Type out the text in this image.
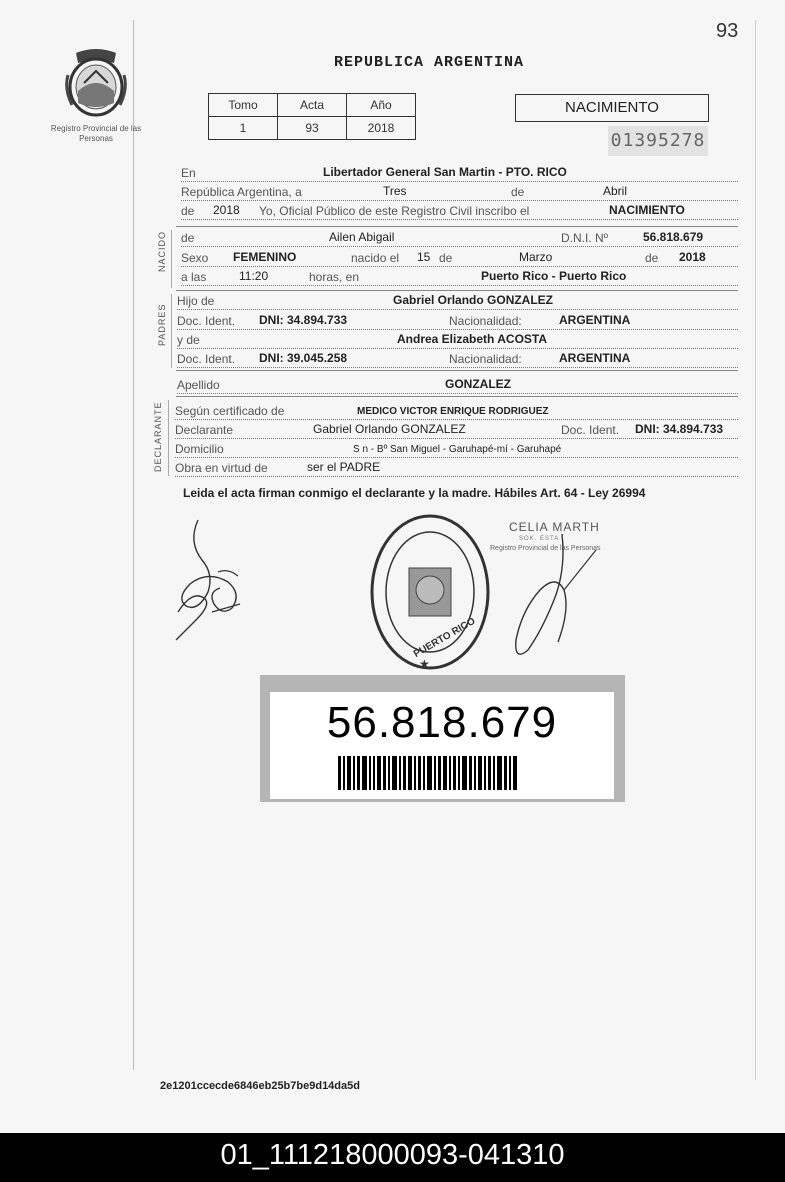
93
Registro Provincial de las Personas
REPUBLICA ARGENTINA
Tomo	Acta	Año
1	93	2018
NACIMIENTO
01395278
En	Libertador General San Martin - PTO. RICO
República Argentina, a	Tres	de	Abril
de 2018 Yo, Oficial Público de este Registro Civil inscribo el	NACIMIENTO
NACIDO de	Ailen Abigail	D.N.I. Nº	56.818.679
Sexo FEMENINO	nacido el 15 de	Marzo	de 2018
a las	11:20	horas, en	Puerto Rico - Puerto Rico
PADRES
Hijo de	Gabriel Orlando GONZALEZ
Doc. Ident. DNI: 34.894.733	Nacionalidad:	ARGENTINA
y de	Andrea Elizabeth ACOSTA
Doc. Ident. DNI: 39.045.258	Nacionalidad:	ARGENTINA
Apellido	GONZALEZ
DECLARANTE Según certificado de	MEDICO VICTOR ENRIQUE RODRIGUEZ
Declarante	Gabriel Orlando GONZALEZ	Doc. Ident. DNI: 34.894.733
Domicilio	S n - Bº San Miguel - Garuhapé-mí - Garuhapé
Obra en virtud de	ser el PADRE
Leida el acta firman conmigo el declarante y la madre. Hábiles Art. 64 - Ley 26994
PUERTO RICO
★
CELIA MARTH
SOK. ESTA
Registro Provincial de las Personas
56.818.679
2e1201ccecde6846eb25b7be9d14da5d
01_111218000093-041310
